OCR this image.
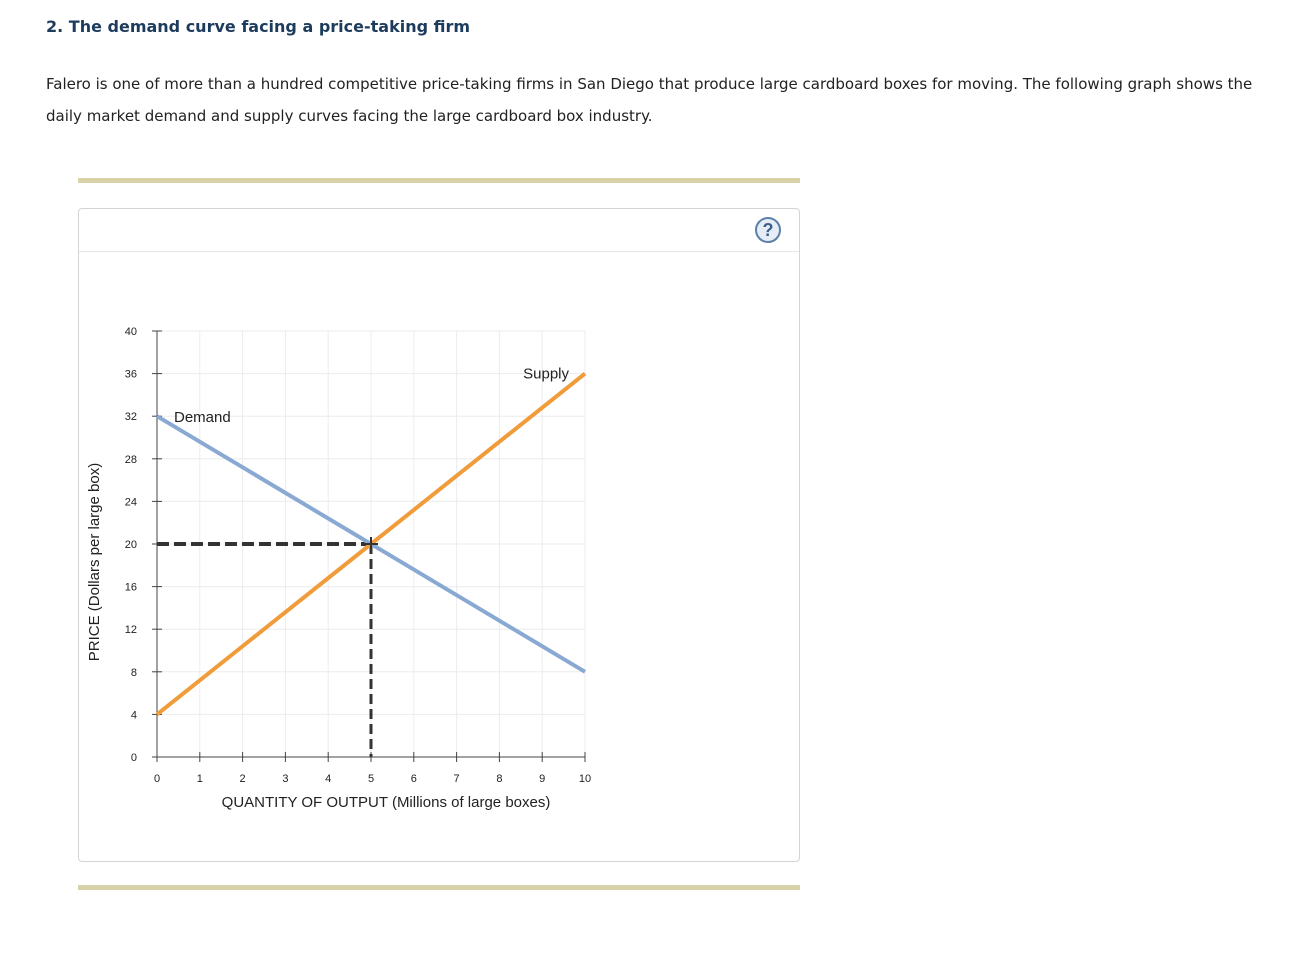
2. The demand curve facing a price-taking firm

Falero is one of more than a hundred competitive price-taking firms in San Diego that produce large cardboard boxes for moving. The following graph shows the daily market demand and supply curves facing the large cardboard box industry.

?
0	1	2	3	4	5	6	7	8	9	10
0
4
8
12
16
20
24
28
32
36
40
QUANTITY OF OUTPUT (Millions of large boxes)
PRICE (Dollars per large box)
Demand
Supply
